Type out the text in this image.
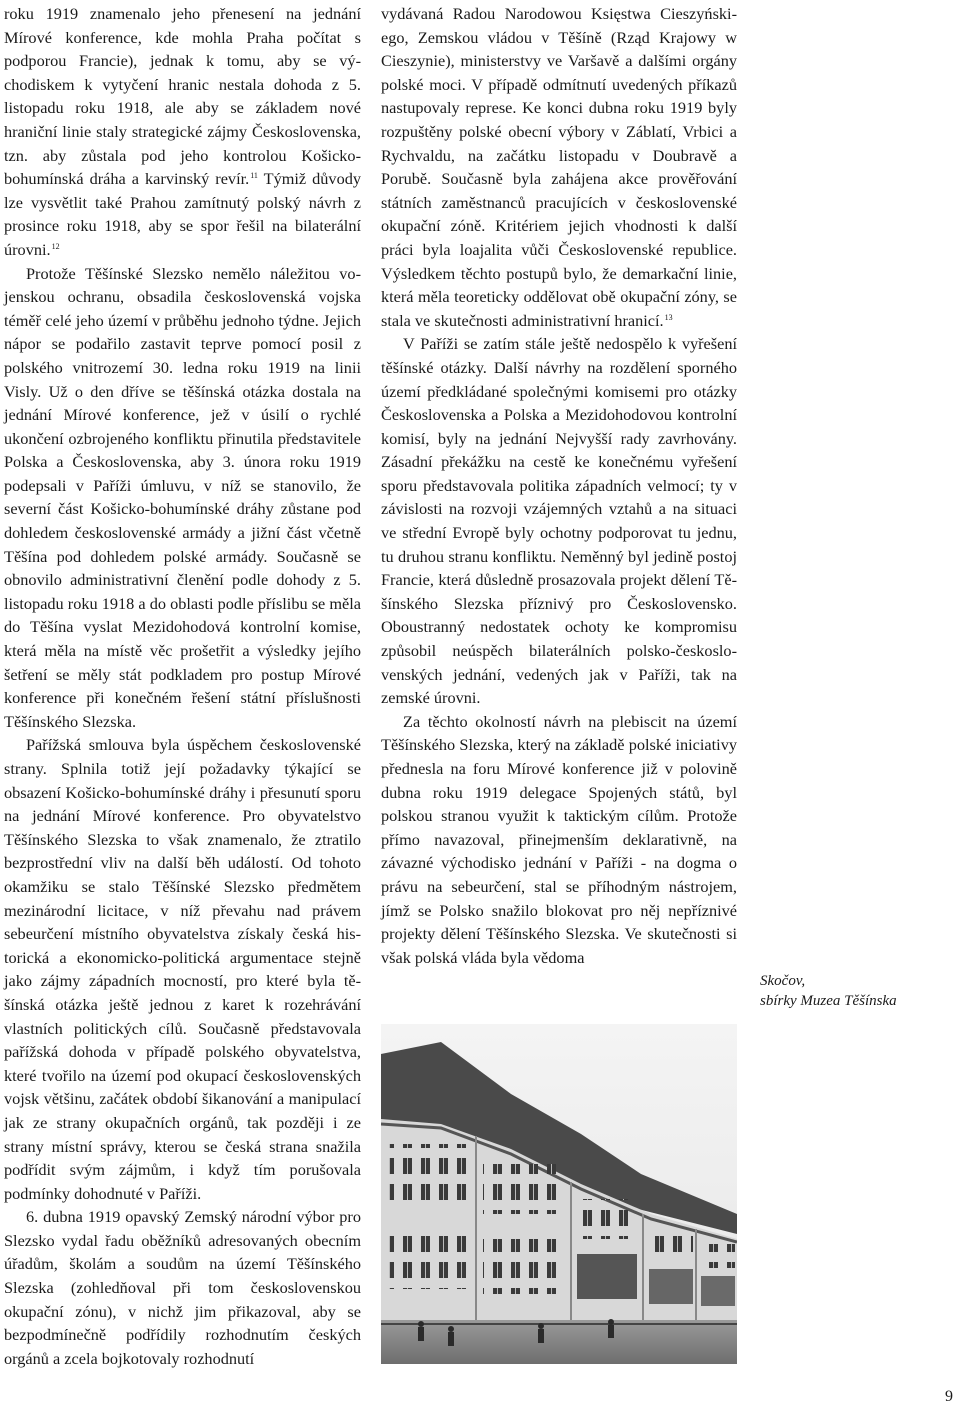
roku 1919 znamenalo jeho přenesení na jednání Mírové konference, kde mohla Praha počítat s podporou Francie), jednak k tomu, aby se východiskem k vytyčení hranic nestala dohoda z 5. listopadu roku 1918, ale aby se základem nové hraniční linie staly strategické zájmy Československa, tzn. aby zůstala pod jeho kontrolou Košicko-bohumínská dráha a karvinský revír.$^{11}$ Týmiž důvody lze vysvětlit také Prahou zamítnutý polský návrh z prosince roku 1918, aby se spor řešil na bilaterální úrovni.$^{12}$

Protože Těšínské Slezsko nemělo náležitou vojenskou ochranu, obsadila československá vojska téměř celé jeho území v průběhu jednoho týdne. Jejich nápor se podařilo zastavit teprve pomocí posil z polského vnitrozemí 30. ledna roku 1919 na linii Visly. Už o den dříve se těšínská otázka dostala na jednání Mírové konference, jež v úsilí o rychlé ukončení ozbrojeného konfliktu přinutila představitele Polska a Československa, aby 3. února roku 1919 podepsali v Paříži úmluvu, v níž se stanovilo, že severní část Košicko-bohumínské dráhy zůstane pod dohledem československé armády a jižní část včetně Těšína pod dohledem polské armády. Současně se obnovilo administrativní členění podle dohody z 5. listopadu roku 1918 a do oblasti podle příslibu se měla do Těšína vyslat Mezidohodová kontrolní komise, která měla na místě věc prošetřit a výsledky jejího šetření se měly stát podkladem pro postup Mírové konference při konečném řešení státní příslušnosti Těšínského Slezska.

Pařížská smlouva byla úspěchem československé strany. Splnila totiž její požadavky týkající se obsazení Košicko-bohumínské dráhy i přesunutí sporu na jednání Mírové konference. Pro obyvatelstvo Těšínského Slezska to však znamenalo, že ztratilo bezprostřední vliv na další běh událostí. Od tohoto okamžiku se stalo Těšínské Slezsko předmětem mezinárodní licitace, v níž převahu nad právem sebeurčení místního obyvatelstva získaly česká historická a ekonomicko-politická argumentace stejně jako zájmy západních mocností, pro které byla těšínská otázka ještě jednou z karet k rozehrávání vlastních politických cílů. Současně představovala pařížská dohoda v případě polského obyvatelstva, které tvořilo na území pod okupací československých vojsk většinu, začátek období šikanování a manipulací jak ze strany okupačních orgánů, tak později i ze strany místní správy, kterou se česká strana snažila podřídit svým zájmům, i když tím porušovala podmínky dohodnuté v Paříži.

6. dubna 1919 opavský Zemský národní výbor pro Slezsko vydal řadu oběžníků adresovaných obecním úřadům, školám a soudům na území Těšínského Slezska (zohledňoval při tom československou okupační zónu), v nichž jim přikazoval, aby se bezpodmínečně podřídily rozhodnutím českých orgánů a zcela bojkotovaly rozhodnutí

vydávaná Radou Narodowou Księstwa Cieszyńskiego, Zemskou vládou v Těšíně (Rząd Krajowy w Cieszynie), ministerstvy ve Varšavě a dalšími orgány polské moci. V případě odmítnutí uvedených příkazů nastupovaly represe. Ke konci dubna roku 1919 byly rozpuštěny polské obecní výbory v Záblatí, Vrbici a Rychvaldu, na začátku listopadu v Doubravě a Porubě. Současně byla zahájena akce prověřování státních zaměstnanců pracujících v československé okupační zóně. Kritériem jejich vhodnosti k další práci byla loajalita vůči Československé republice. Výsledkem těchto postupů bylo, že demarkační linie, která měla teoreticky oddělovat obě okupační zóny, se stala ve skutečnosti administrativní hranicí.$^{13}$

V Paříži se zatím stále ještě nedospělo k vyřešení těšínské otázky. Další návrhy na rozdělení sporného území předkládané společnými komisemi pro otázky Československa a Polska a Mezidohodovou kontrolní komisí, byly na jednání Nejvyšší rady zavrhovány. Zásadní překážku na cestě ke konečnému vyřešení sporu představovala politika západních velmocí; ty v závislosti na rozvoji vzájemných vztahů a na situaci ve střední Evropě byly ochotny podporovat tu jednu, tu druhou stranu konfliktu. Neměnný byl jedině postoj Francie, která důsledně prosazovala projekt dělení Těšínského Slezska příznivý pro Československo. Oboustranný nedostatek ochoty ke kompromisu způsobil neúspěch bilaterálních polsko-československých jednání, vedených jak v Paříži, tak na zemské úrovni.

Za těchto okolností návrh na plebiscit na území Těšínského Slezska, který na základě polské iniciativy přednesla na foru Mírové konference již v polovině dubna roku 1919 delegace Spojených států, byl polskou stranou využit k taktickým cílům. Protože přímo navazoval, přinejmenším deklarativně, na závazné východisko jednání v Paříži - na dogma o právu na sebeurčení, stal se příhodným nástrojem, jímž se Polsko snažilo blokovat pro něj nepříznivé projekty dělení Těšínského Slezska. Ve skutečnosti si však polská vláda byla vědoma

Skočov,
sbírky Muzea Těšínska
9
